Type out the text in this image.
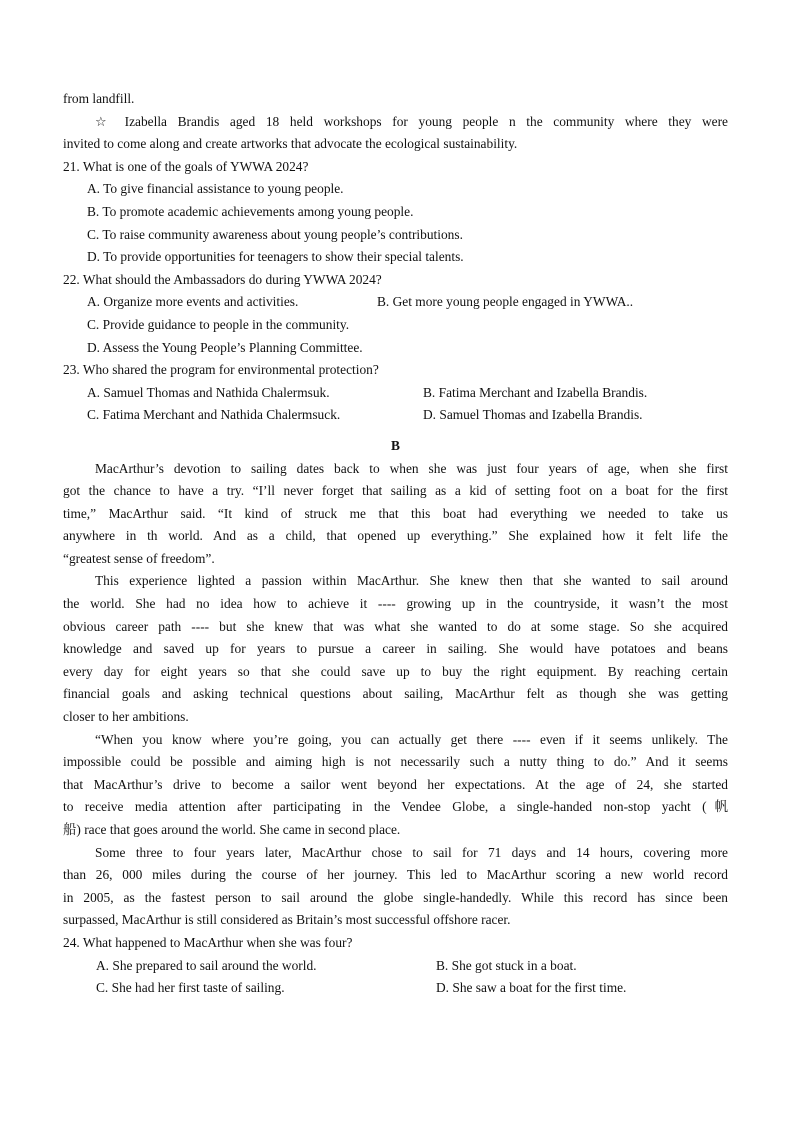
from landfill.
☆ Izabella Brandis aged 18 held workshops for young people n the community where they were
invited to come along and create artworks that advocate the ecological sustainability.
21. What is one of the goals of YWWA 2024?
A. To give financial assistance to young people.
B. To promote academic achievements among young people.
C. To raise community awareness about young people’s contributions.
D. To provide opportunities for teenagers to show their special talents.
22. What should the Ambassadors do during YWWA 2024?
A. Organize more events and activities.	B. Get more young people engaged in YWWA..
C. Provide guidance to people in the community.
D. Assess the Young People’s Planning Committee.
23. Who shared the program for environmental protection?
A. Samuel Thomas and Nathida Chalermsuk.	B. Fatima Merchant and Izabella Brandis.
C. Fatima Merchant and Nathida Chalermsuck.	D. Samuel Thomas and Izabella Brandis.
B
MacArthur’s devotion to sailing dates back to when she was just four years of age, when she first
got the chance to have a try. “I’ll never forget that sailing as a kid of setting foot on a boat for the first
time,” MacArthur said. “It kind of struck me that this boat had everything we needed to take us
anywhere in th world. And as a child, that opened up everything.” She explained how it felt life the
“greatest sense of freedom”.
This experience lighted a passion within MacArthur. She knew then that she wanted to sail around
the world. She had no idea how to achieve it ---- growing up in the countryside, it wasn’t the most
obvious career path ---- but she knew that was what she wanted to do at some stage. So she acquired
knowledge and saved up for years to pursue a career in sailing. She would have potatoes and beans
every day for eight years so that she could save up to buy the right equipment. By reaching certain
financial goals and asking technical questions about sailing, MacArthur felt as though she was getting
closer to her ambitions.
“When you know where you’re going, you can actually get there ---- even if it seems unlikely. The
impossible could be possible and aiming high is not necessarily such a nutty thing to do.” And it seems
that MacArthur’s drive to become a sailor went beyond her expectations. At the age of 24, she started
to receive media attention after participating in the Vendee Globe, a single-handed non-stop yacht (帆
船) race that goes around the world. She came in second place.
Some three to four years later, MacArthur chose to sail for 71 days and 14 hours, covering more
than 26, 000 miles during the course of her journey. This led to MacArthur scoring a new world record
in 2005, as the fastest person to sail around the globe single-handedly. While this record has since been
surpassed, MacArthur is still considered as Britain’s most successful offshore racer.
24. What happened to MacArthur when she was four?
A. She prepared to sail around the world.	B. She got stuck in a boat.
C. She had her first taste of sailing.	D. She saw a boat for the first time.
